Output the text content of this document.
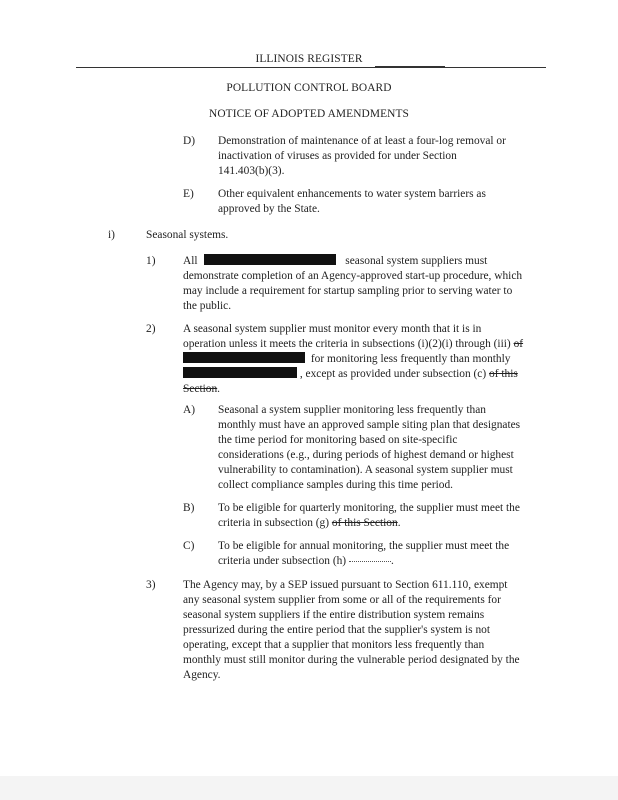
ILLINOIS REGISTER
POLLUTION CONTROL BOARD
NOTICE OF ADOPTED AMENDMENTS
D) Demonstration of maintenance of at least a four-log removal or
inactivation of viruses as provided for under Section
141.403(b)(3).
E) Other equivalent enhancements to water system barriers as
approved by the State.
i)	Seasonal systems.
1) All	seasonal system suppliers must
demonstrate completion of an Agency-approved start-up procedure, which
may include a requirement for startup sampling prior to serving water to
the public.
2) A seasonal system supplier must monitor every month that it is in
operation unless it meets the criteria in subsections (i)(2)(i) through (iii) of
for monitoring less frequently than monthly
, except as provided under subsection (c) of this
Section.
A) Seasonal a system supplier monitoring less frequently than
monthly must have an approved sample siting plan that designates
the time period for monitoring based on site-specific
considerations (e.g., during periods of highest demand or highest
vulnerability to contamination). A seasonal system supplier must
collect compliance samples during this time period.
B) To be eligible for quarterly monitoring, the supplier must meet the
criteria in subsection (g) of this Section.
C) To be eligible for annual monitoring, the supplier must meet the
criteria under subsection (h)	.
3) The Agency may, by a SEP issued pursuant to Section 611.110, exempt
any seasonal system supplier from some or all of the requirements for
seasonal system suppliers if the entire distribution system remains
pressurized during the entire period that the supplier's system is not
operating, except that a supplier that monitors less frequently than
monthly must still monitor during the vulnerable period designated by the
Agency.
